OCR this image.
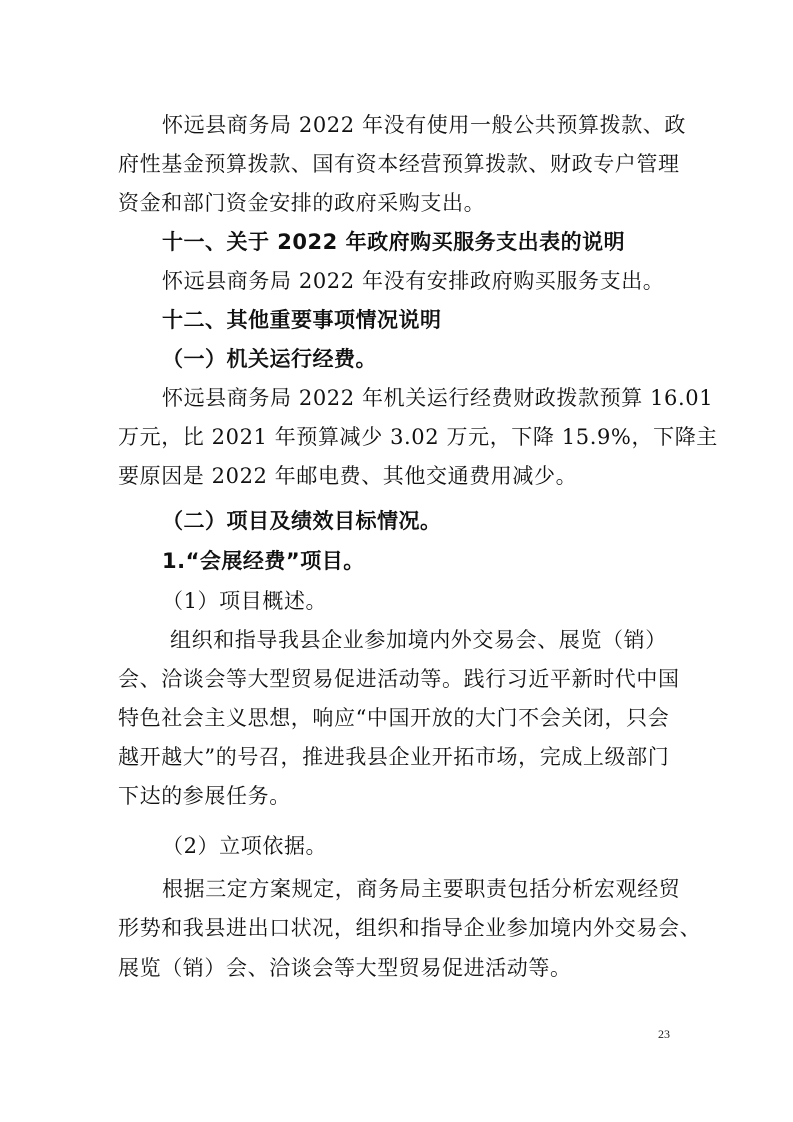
怀远县商务局 2022 年没有使用一般公共预算拨款、政
府性基金预算拨款、国有资本经营预算拨款、财政专户管理
资金和部门资金安排的政府采购支出。
十一、关于 2022 年政府购买服务支出表的说明
怀远县商务局 2022 年没有安排政府购买服务支出。
十二、其他重要事项情况说明
（一）机关运行经费。
怀远县商务局 2022 年机关运行经费财政拨款预算 16.01
万元，比 2021 年预算减少 3.02 万元，下降 15.9%，下降主
要原因是 2022 年邮电费、其他交通费用减少。
（二）项目及绩效目标情况。
1.“会展经费”项目。
（1）项目概述。
组织和指导我县企业参加境内外交易会、展览（销）
会、洽谈会等大型贸易促进活动等。践行习近平新时代中国
特色社会主义思想，响应“中国开放的大门不会关闭，只会
越开越大”的号召，推进我县企业开拓市场，完成上级部门
下达的参展任务。
（2）立项依据。
根据三定方案规定，商务局主要职责包括分析宏观经贸
形势和我县进出口状况，组织和指导企业参加境内外交易会、
展览（销）会、洽谈会等大型贸易促进活动等。
23
